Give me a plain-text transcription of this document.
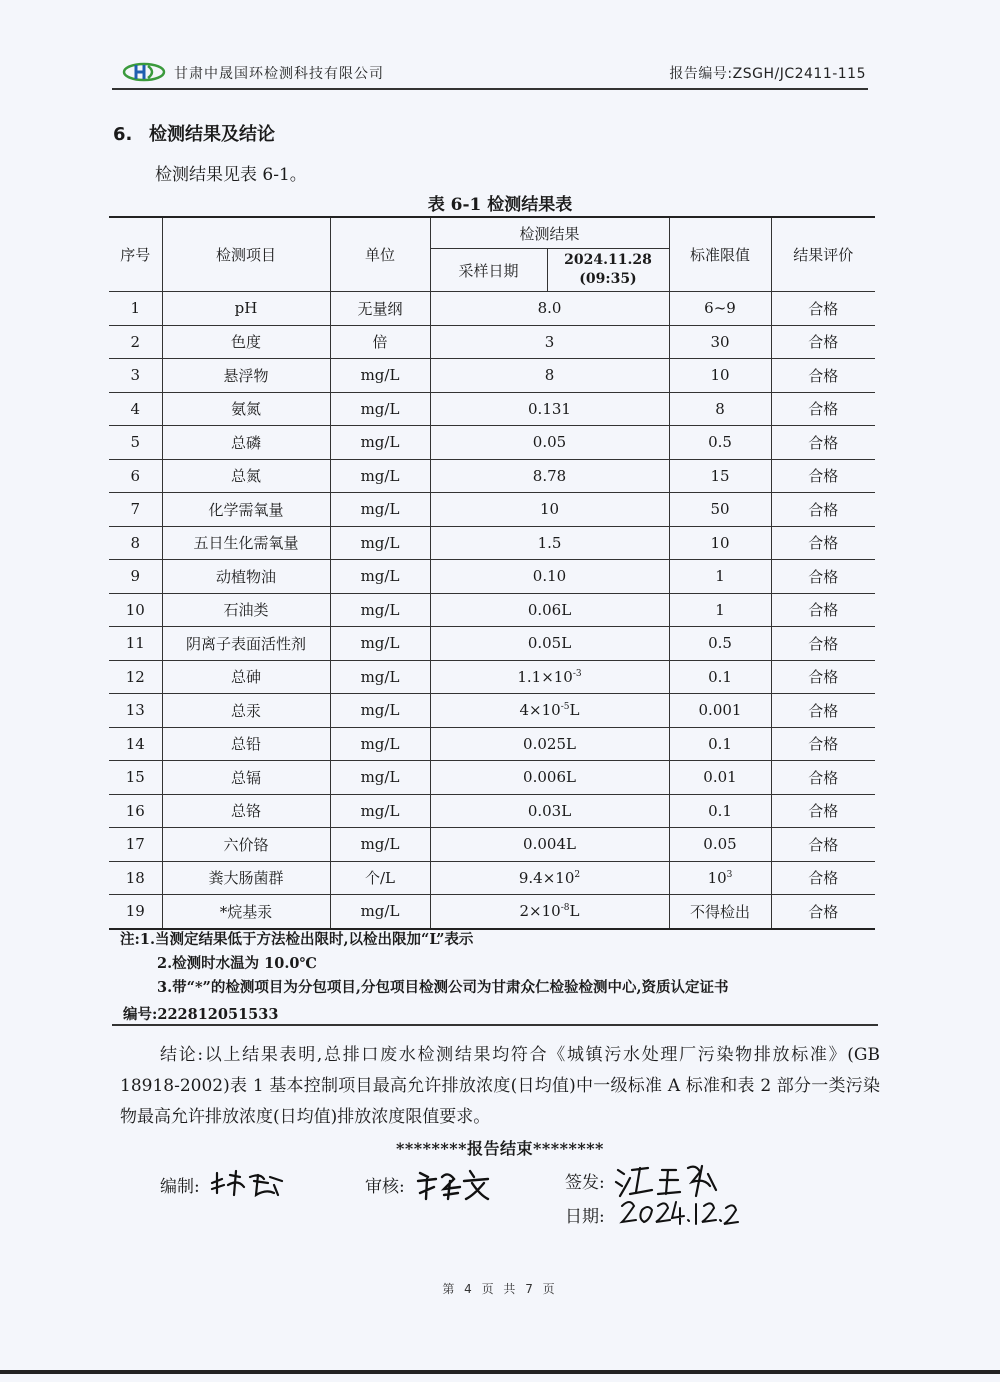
甘肃中晟国环检测科技有限公司	报告编号:ZSGH/JC2411-115
6. 检测结果及结论
检测结果见表 6-1。
表 6-1 检测结果表
序号	检测项目	单位	检测结果		标准限值	结果评价
			采样日期	2024.11.28
(09:35)		

1	pH	无量纲	8.0		6~9	合格
2	色度	倍	3		30	合格
3	悬浮物	mg/L	8		10	合格
4	氨氮	mg/L	0.131		8	合格
5	总磷	mg/L	0.05		0.5	合格
6	总氮	mg/L	8.78		15	合格
7	化学需氧量	mg/L	10		50	合格
8	五日生化需氧量	mg/L	1.5		10	合格
9	动植物油	mg/L	0.10		1	合格
10	石油类	mg/L	0.06L		1	合格
11	阴离子表面活性剂	mg/L	0.05L		0.5	合格
12	总砷	mg/L	$1.1\times 10^{-3}$		0.1	合格
13	总汞	mg/L	$4\times 10^{-5}L$		0.001	合格
14	总铅	mg/L	0.025L		0.1	合格
15	总镉	mg/L	0.006L		0.01	合格
16	总铬	mg/L	0.03L		0.1	合格
17	六价铬	mg/L	0.004L		0.05	合格
18	粪大肠菌群	个/L	$9.4\times 10^2$		$10^3$	合格
19	*烷基汞	mg/L	$2\times 10^{-8}L$		不得检出	合格
注:1.当测定结果低于方法检出限时,以检出限加“L”表示
2.检测时水温为 10.0℃
3.带“*”的检测项目为分包项目,分包项目检测公司为甘肃众仁检验检测中心,资质认定证书
编号:222812051533
结论:以上结果表明,总排口废水检测结果均符合《城镇污水处理厂污染物排放标准》(GB 18918-2002)表 1 基本控制项目最高允许排放浓度(日均值)中一级标准 A 标准和表 2 部分一类污染物最高允许排放浓度(日均值)排放浓度限值要求。
********报告结束********
编制:	审核:	签发:
日期:
第 4 页 共 7 页
